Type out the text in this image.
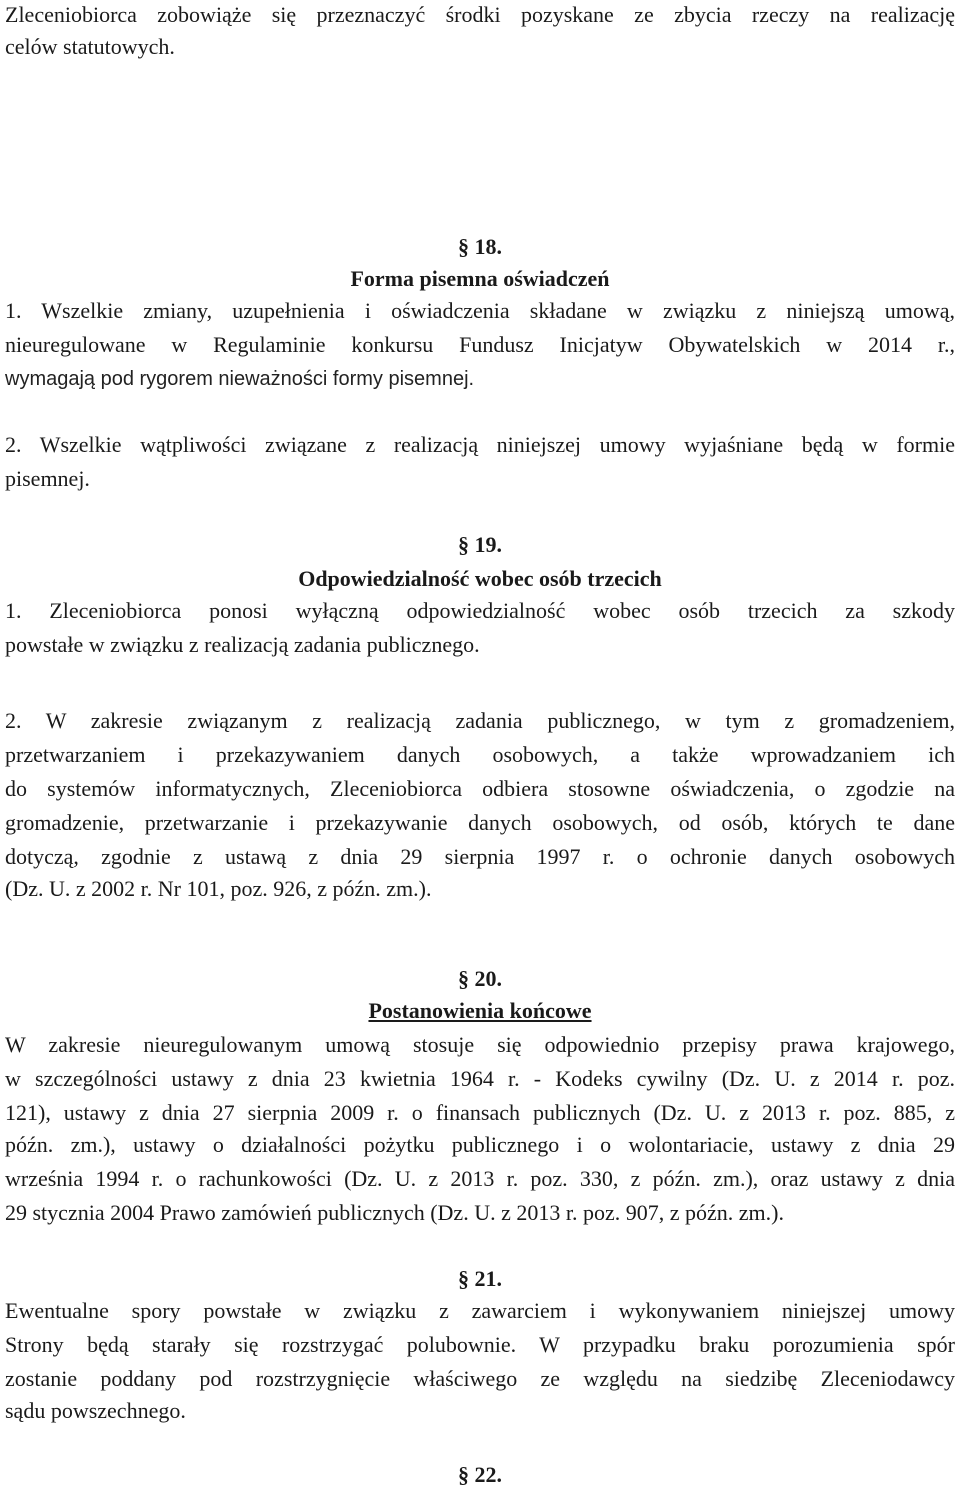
Zleceniobiorca zobowiąże się przeznaczyć środki pozyskane ze zbycia rzeczy na realizację
celów statutowych.
§ 18.
Forma pisemna oświadczeń
1. Wszelkie zmiany, uzupełnienia i oświadczenia składane w związku z niniejszą umową,
nieuregulowane w Regulaminie konkursu Fundusz Inicjatyw Obywatelskich w 2014 r.,
wymagają pod rygorem nieważności formy pisemnej.
2. Wszelkie wątpliwości związane z realizacją niniejszej umowy wyjaśniane będą w formie
pisemnej.
§ 19.
Odpowiedzialność wobec osób trzecich
1. Zleceniobiorca ponosi wyłączną odpowiedzialność wobec osób trzecich za szkody
powstałe w związku z realizacją zadania publicznego.
2. W zakresie związanym z realizacją zadania publicznego, w tym z gromadzeniem,
przetwarzaniem i przekazywaniem danych osobowych, a także wprowadzaniem ich
do systemów informatycznych, Zleceniobiorca odbiera stosowne oświadczenia, o zgodzie na
gromadzenie, przetwarzanie i przekazywanie danych osobowych, od osób, których te dane
dotyczą, zgodnie z ustawą z dnia 29 sierpnia 1997 r. o ochronie danych osobowych
(Dz. U. z 2002 r. Nr 101, poz. 926, z późn. zm.).
§ 20.
Postanowienia końcowe
W zakresie nieuregulowanym umową stosuje się odpowiednio przepisy prawa krajowego,
w szczególności ustawy z dnia 23 kwietnia 1964 r. - Kodeks cywilny (Dz. U. z 2014 r. poz.
121), ustawy z dnia 27 sierpnia 2009 r. o finansach publicznych (Dz. U. z 2013 r. poz. 885, z
późn. zm.), ustawy o działalności pożytku publicznego i o wolontariacie, ustawy z dnia 29
września 1994 r. o rachunkowości (Dz. U. z 2013 r. poz. 330, z późn. zm.), oraz ustawy z dnia
29 stycznia 2004 Prawo zamówień publicznych (Dz. U. z 2013 r. poz. 907, z późn. zm.).
§ 21.
Ewentualne spory powstałe w związku z zawarciem i wykonywaniem niniejszej umowy
Strony będą starały się rozstrzygać polubownie. W przypadku braku porozumienia spór
zostanie poddany pod rozstrzygnięcie właściwego ze względu na siedzibę Zleceniodawcy
sądu powszechnego.
§ 22.
